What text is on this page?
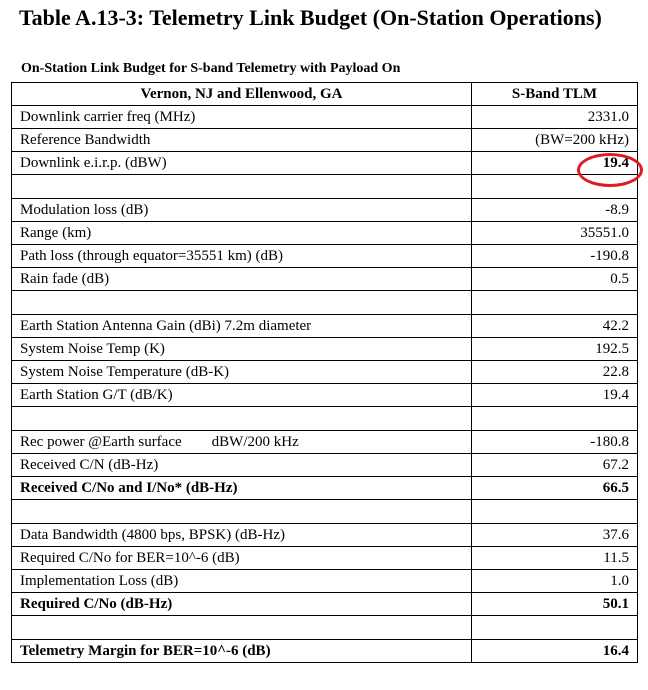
Table A.13-3: Telemetry Link Budget (On-Station Operations)
On-Station Link Budget for S-band Telemetry with Payload On
Vernon, NJ and Ellenwood, GA	S-Band TLM
Downlink carrier freq (MHz)	2331.0
Reference Bandwidth	(BW=200 kHz)
Downlink e.i.r.p. (dBW)	19.4

Modulation loss (dB)	-8.9
Range (km)	35551.0
Path loss (through equator=35551 km) (dB)	-190.8
Rain fade (dB)	0.5

Earth Station Antenna Gain (dBi) 7.2m diameter	42.2
System Noise Temp (K)	192.5
System Noise Temperature (dB-K)	22.8
Earth Station G/T (dB/K)	19.4

Rec power @Earth surface        dBW/200 kHz	-180.8
Received C/N (dB-Hz)	67.2
Received C/No and I/No* (dB-Hz)	66.5

Data Bandwidth (4800 bps, BPSK) (dB-Hz)	37.6
Required C/No for BER=10^-6 (dB)	11.5
Implementation Loss (dB)	1.0
Required C/No (dB-Hz)	50.1

Telemetry Margin for BER=10^-6 (dB)	16.4
